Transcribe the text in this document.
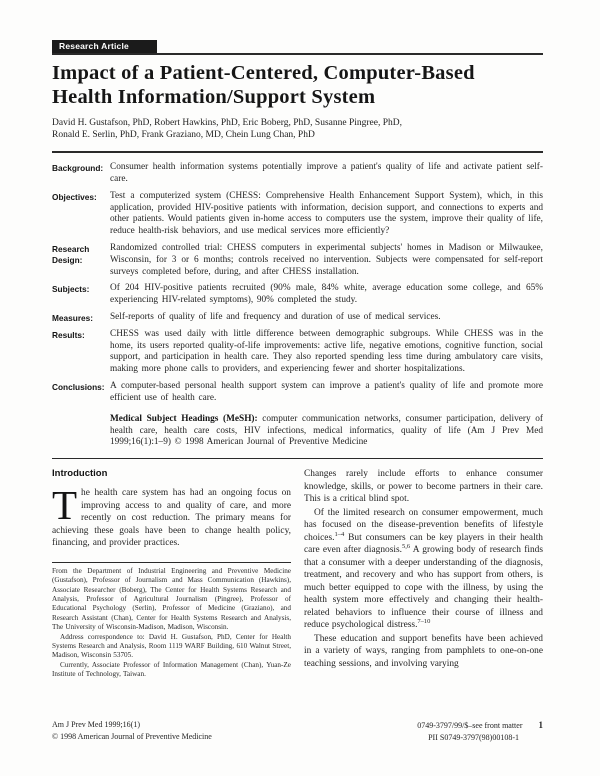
Research Article
Impact of a Patient-Centered, Computer-Based
Health Information/Support System
David H. Gustafson, PhD, Robert Hawkins, PhD, Eric Boberg, PhD, Susanne Pingree, PhD,
Ronald E. Serlin, PhD, Frank Graziano, MD, Chein Lung Chan, PhD
Background: Consumer health information systems potentially improve a patient's quality of life and activate patient self-care.
Objectives:	Test a computerized system (CHESS: Comprehensive Health Enhancement Support System), which, in this application, provided HIV-positive patients with information, decision support, and connections to experts and other patients. Would patients given in-home access to computers use the system, improve their quality of life, reduce health-risk behaviors, and use medical services more efficiently?
Research Design:
Randomized controlled trial: CHESS computers in experimental subjects' homes in Madison or Milwaukee, Wisconsin, for 3 or 6 months; controls received no intervention. Subjects were compensated for self-report surveys completed before, during, and after CHESS installation.
Subjects:	Of 204 HIV-positive patients recruited (90% male, 84% white, average education some college, and 65% experiencing HIV-related symptoms), 90% completed the study.
Measures:	Self-reports of quality of life and frequency and duration of use of medical services.
Results:	CHESS was used daily with little difference between demographic subgroups. While CHESS was in the home, its users reported quality-of-life improvements: active life, negative emotions, cognitive function, social support, and participation in health care. They also reported spending less time during ambulatory care visits, making more phone calls to providers, and experiencing fewer and shorter hospitalizations.
Conclusions: A computer-based personal health support system can improve a patient's quality of life and promote more efficient use of health care.

Medical Subject Headings (MeSH): computer communication networks, consumer participation, delivery of health care, health care costs, HIV infections, medical informatics, quality of life (Am J Prev Med 1999;16(1):1–9) © 1998 American Journal of Preventive Medicine

Introduction

The health care system has had an ongoing focus on improving access to and quality of care, and more recently on cost reduction. The primary means for achieving these goals have been to change health policy, financing, and provider practices.

From the Department of Industrial Engineering and Preventive Medicine (Gustafson), Professor of Journalism and Mass Communication (Hawkins), Associate Researcher (Boberg), The Center for Health Systems Research and Analysis, Professor of Agricultural Journalism (Pingree), Professor of Educational Psychology (Serlin), Professor of Medicine (Graziano), and Research Assistant (Chan), Center for Health Systems Research and Analysis, The University of Wisconsin-Madison, Madison, Wisconsin.

Address correspondence to: David H. Gustafson, PhD, Center for Health Systems Research and Analysis, Room 1119 WARF Building, 610 Walnut Street, Madison, Wisconsin 53705.

Currently, Associate Professor of Information Management (Chan), Yuan-Ze Institute of Technology, Taiwan.

Changes rarely include efforts to enhance consumer knowledge, skills, or power to become partners in their care. This is a critical blind spot.

Of the limited research on consumer empowerment, much has focused on the disease-prevention benefits of lifestyle choices.$^{1-4}$ But consumers can be key players in their health care even after diagnosis.$^{5,6}$ A growing body of research finds that a consumer with a deeper understanding of the diagnosis, treatment, and recovery and who has support from others, is much better equipped to cope with the illness, by using the health system more effectively and changing their health-related behaviors to influence their course of illness and reduce psychological distress.$^{7-10}$

These education and support benefits have been achieved in a variety of ways, ranging from pamphlets to one-on-one teaching sessions, and involving varying

Am J Prev Med 1999;16(1)
© 1998 American Journal of Preventive Medicine
0749-3797/99/$–see front matter 1
PII S0749-3797(98)00108-1
